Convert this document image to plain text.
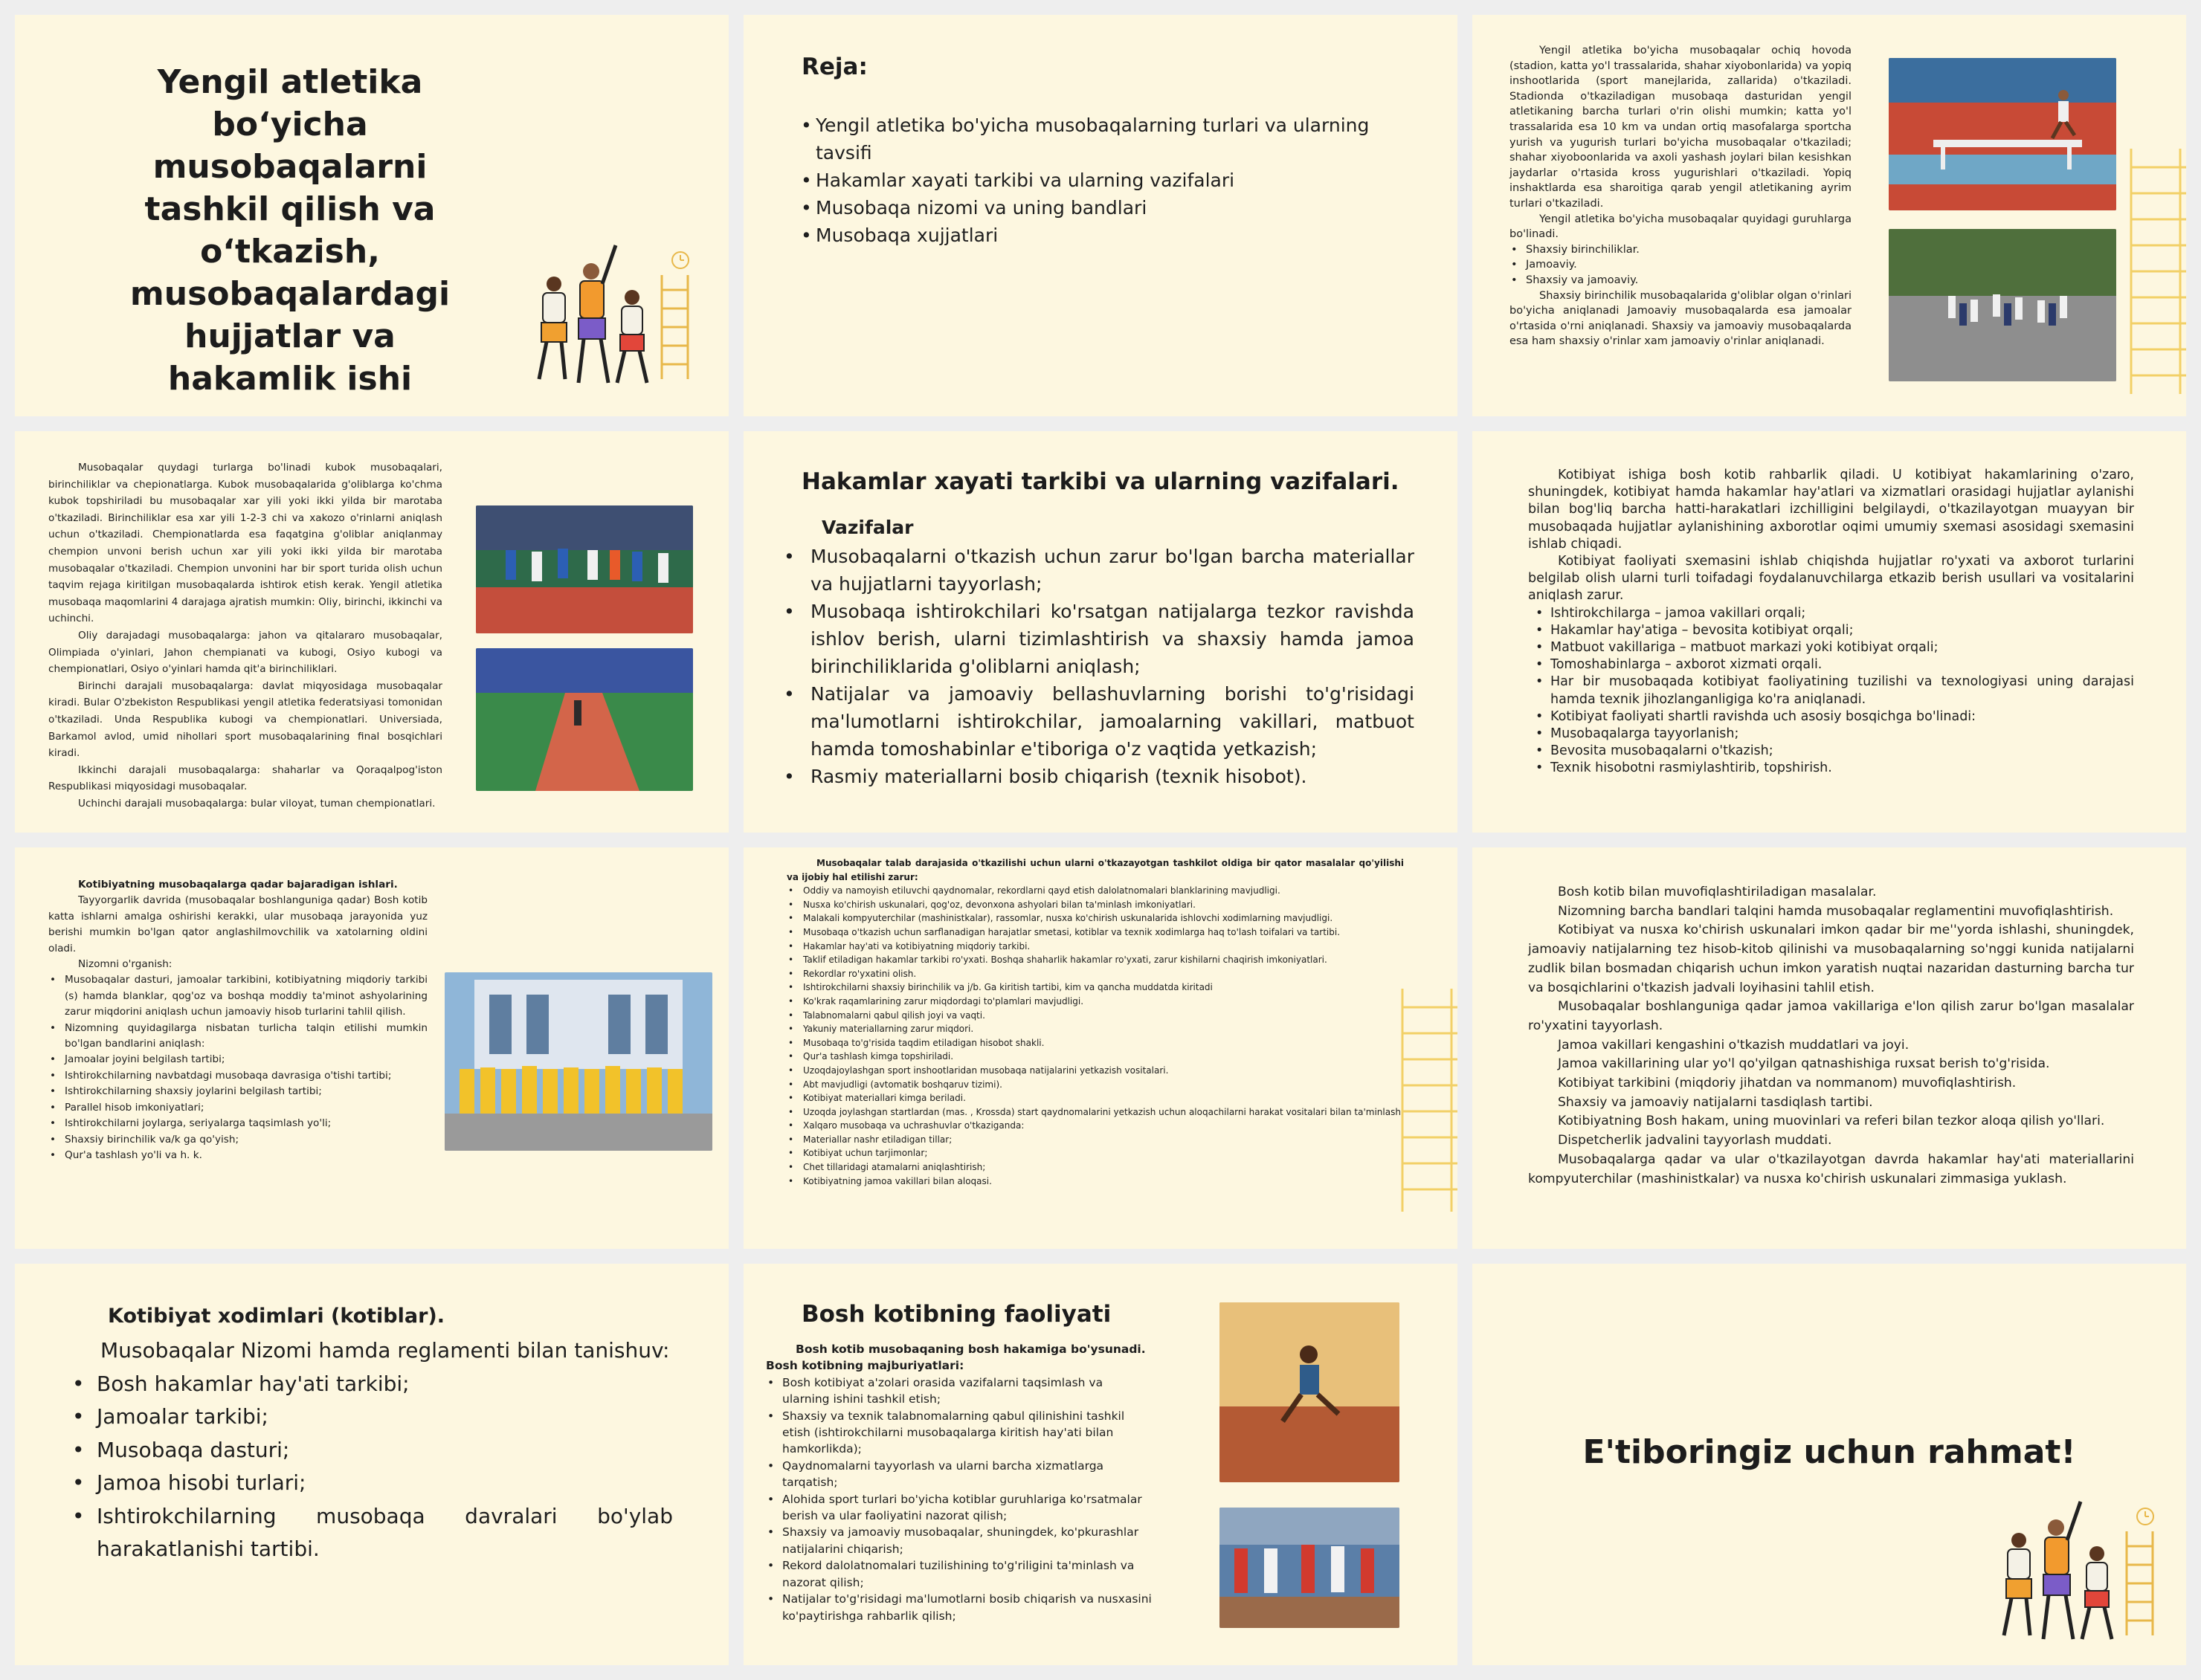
Yengil atletika bo‘yicha musobaqalarni tashkil qilish va o‘tkazish, musobaqalardagi hujjatlar va hakamlik ishi
Reja:
• Yengil atletika bo'yicha musobaqalarning turlari va ularning tavsifi
• Hakamlar xayati tarkibi va ularning vazifalari
• Musobaqa nizomi va uning bandlari
• Musobaqa xujjatlari

Yengil atletika bo'yicha musobaqalar ochiq hovoda (stadion, katta yo'l trassalarida, shahar xiyobonlarida) va yopiq inshootlarida (sport manejlarida, zallarida) o'tkaziladi. Stadionda o'tkaziladigan musobaqa dasturidan yengil atletikaning barcha turlari o'rin olishi mumkin; katta yo'l trassalarida esa 10 km va undan ortiq masofalarga sportcha yurish va yugurish turlari bo'yicha musobaqalar o'tkaziladi; shahar xiyoboonlarida va axoli yashash joylari bilan kesishkan jaydarlar o'rtasida kross yugurishlari o'tkaziladi. Yopiq inshaktlarda esa sharoitiga qarab yengil atletikaning ayrim turlari o'tkaziladi.

Yengil atletika bo'yicha musobaqalar quyidagi guruhlarga bo'linadi.

• Shaxsiy birinchiliklar.
• Jamoaviy.
• Shaxsiy va jamoaviy.

Shaxsiy birinchilik musobaqalarida g'oliblar olgan o'rinlari bo'yicha aniqlanadi Jamoaviy musobaqalarda esa jamoalar o'rtasida o'rni aniqlanadi. Shaxsiy va jamoaviy musobaqalarda esa ham shaxsiy o'rinlar xam jamoaviy o'rinlar aniqlanadi.

Musobaqalar quydagi turlarga bo'linadi kubok musobaqalari, birinchiliklar va chepionatlarga. Kubok musobaqalarida g'oliblarga ko'chma kubok topshiriladi bu musobaqalar xar yili yoki ikki yilda bir marotaba o'tkaziladi. Birinchiliklar esa xar yili 1-2-3 chi va xakozo o'rinlarni aniqlash uchun o'tkaziladi. Chempionatlarda esa faqatgina g'oliblar aniqlanmay chempion unvoni berish uchun xar yili yoki ikki yilda bir marotaba musobaqalar o'tkaziladi. Chempion unvonini har bir sport turida olish uchun taqvim rejaga kiritilgan musobaqalarda ishtirok etish kerak. Yengil atletika musobaqa maqomlarini 4 darajaga ajratish mumkin: Oliy, birinchi, ikkinchi va uchinchi.

Oliy darajadagi musobaqalarga: jahon va qitalararo musobaqalar, Olimpiada o'yinlari, Jahon chempianati va kubogi, Osiyo kubogi va chempionatlari, Osiyo o'yinlari hamda qit'a birinchiliklari.

Birinchi darajali musobaqalarga: davlat miqyosidaga musobaqalar kiradi. Bular O'zbekiston Respublikasi yengil atletika federatsiyasi tomonidan o'tkaziladi. Unda Respublika kubogi va chempionatlari. Universiada, Barkamol avlod, umid nihollari sport musobaqalarining final bosqichlari kiradi.

Ikkinchi darajali musobaqalarga: shaharlar va Qoraqalpog'iston Respublikasi miqyosidagi musobaqalar.

Uchinchi darajali musobaqalarga: bular viloyat, tuman chempionatlari.

Hakamlar xayati tarkibi va ularning vazifalari.
Vazifalar
• Musobaqalarni o'tkazish uchun zarur bo'lgan barcha materiallar va hujjatlarni tayyorlash;
• Musobaqa ishtirokchilari ko'rsatgan natijalarga tezkor ravishda ishlov berish, ularni tizimlashtirish va shaxsiy hamda jamoa birinchiliklarida g'oliblarni aniqlash;
• Natijalar va jamoaviy bellashuvlarning borishi to'g'risidagi ma'lumotlarni ishtirokchilar, jamoalarning vakillari, matbuot hamda tomoshabinlar e'tiboriga o'z vaqtida yetkazish;
• Rasmiy materiallarni bosib chiqarish (texnik hisobot).

Kotibiyat ishiga bosh kotib rahbarlik qiladi. U kotibiyat hakamlarining o'zaro, shuningdek, kotibiyat hamda hakamlar hay'atlari va xizmatlari orasidagi hujjatlar aylanishi bilan bog'liq barcha hatti-harakatlari izchilligini belgilaydi, o'tkazilayotgan muayyan bir musobaqada hujjatlar aylanishining axborotlar oqimi umumiy sxemasi asosidagi sxemasini ishlab chiqadi.

Kotibiyat faoliyati sxemasini ishlab chiqishda hujjatlar ro'yxati va axborot turlarini belgilab olish ularni turli toifadagi foydalanuvchilarga etkazib berish usullari va vositalarini aniqlash zarur.

• Ishtirokchilarga – jamoa vakillari orqali;
• Hakamlar hay'atiga – bevosita kotibiyat orqali;
• Matbuot vakillariga – matbuot markazi yoki kotibiyat orqali;
• Tomoshabinlarga – axborot xizmati orqali.
• Har bir musobaqada kotibiyat faoliyatining tuzilishi va texnologiyasi uning darajasi hamda texnik jihozlanganligiga ko'ra aniqlanadi.
• Kotibiyat faoliyati shartli ravishda uch asosiy bosqichga bo'linadi:
• Musobaqalarga tayyorlanish;
• Bevosita musobaqalarni o'tkazish;
• Texnik hisobotni rasmiylashtirib, topshirish.

Kotibiyatning musobaqalarga qadar bajaradigan ishlari.

Tayyorgarlik davrida (musobaqalar boshlanguniga qadar) Bosh kotib katta ishlarni amalga oshirishi kerakki, ular musobaqa jarayonida yuz berishi mumkin bo'lgan qator anglashilmovchilik va xatolarning oldini oladi.

Nizomni o'rganish:

• Musobaqalar dasturi, jamoalar tarkibini, kotibiyatning miqdoriy tarkibi (s) hamda blanklar, qog'oz va boshqa moddiy ta'minot ashyolarining zarur miqdorini aniqlash uchun jamoaviy hisob turlarini tahlil qilish.
• Nizomning quyidagilarga nisbatan turlicha talqin etilishi mumkin bo'lgan bandlarini aniqlash:
• Jamoalar joyini belgilash tartibi;
• Ishtirokchilarning navbatdagi musobaqa davrasiga o'tishi tartibi;
• Ishtirokchilarning shaxsiy joylarini belgilash tartibi;
• Parallel hisob imkoniyatlari;
• Ishtirokchilarni joylarga, seriyalarga taqsimlash yo'li;
• Shaxsiy birinchilik va/k ga qo'yish;
• Qur'a tashlash yo'li va h. k.

Musobaqalar talab darajasida o'tkazilishi uchun ularni o'tkazayotgan tashkilot oldiga bir qator masalalar qo'yilishi va ijobiy hal etilishi zarur:

• Oddiy va namoyish etiluvchi qaydnomalar, rekordlarni qayd etish dalolatnomalari blanklarining mavjudligi.
• Nusxa ko'chirish uskunalari, qog'oz, devonxona ashyolari bilan ta'minlash imkoniyatlari.
• Malakali kompyuterchilar (mashinistkalar), rassomlar, nusxa ko'chirish uskunalarida ishlovchi xodimlarning mavjudligi.
• Musobaqa o'tkazish uchun sarflanadigan harajatlar smetasi, kotiblar va texnik xodimlarga haq to'lash toifalari va tartibi.
• Hakamlar hay'ati va kotibiyatning miqdoriy tarkibi.
• Taklif etiladigan hakamlar tarkibi ro'yxati. Boshqa shaharlik hakamlar ro'yxati, zarur kishilarni chaqirish imkoniyatlari.
• Rekordlar ro'yxatini olish.
• Ishtirokchilarni shaxsiy birinchilik va j/b. Ga kiritish tartibi, kim va qancha muddatda kiritadi
• Ko'krak raqamlarining zarur miqdordagi to'plamlari mavjudligi.
• Talabnomalarni qabul qilish joyi va vaqti.
• Yakuniy materiallarning zarur miqdori.
• Musobaqa to'g'risida taqdim etiladigan hisobot shakli.
• Qur'a tashlash kimga topshiriladi.
• Uzoqdajoylashgan sport inshootlaridan musobaqa natijalarini yetkazish vositalari.
• Abt mavjudligi (avtomatik boshqaruv tizimi).
• Kotibiyat materiallari kimga beriladi.
• Uzoqda joylashgan startlardan (mas. , Krossda) start qaydnomalarini yetkazish uchun aloqachilarni harakat vositalari bilan ta'minlash
• Xalqaro musobaqa va uchrashuvlar o'tkaziganda:
• Materiallar nashr etiladigan tillar;
• Kotibiyat uchun tarjimonlar;
• Chet tillaridagi atamalarni aniqlashtirish;
• Kotibiyatning jamoa vakillari bilan aloqasi.

Bosh kotib bilan muvofiqlashtiriladigan masalalar.

Nizomning barcha bandlari talqini hamda musobaqalar reglamentini muvofiqlashtirish.

Kotibiyat va nusxa ko'chirish uskunalari imkon qadar bir me''yorda ishlashi, shuningdek, jamoaviy natijalarning tez hisob-kitob qilinishi va musobaqalarning so'nggi kunida natijalarni zudlik bilan bosmadan chiqarish uchun imkon yaratish nuqtai nazaridan dasturning barcha tur va bosqichlarini o'tkazish jadvali loyihasini tahlil etish.

Musobaqalar boshlanguniga qadar jamoa vakillariga e'lon qilish zarur bo'lgan masalalar ro'yxatini tayyorlash.

Jamoa vakillari kengashini o'tkazish muddatlari va joyi.

Jamoa vakillarining ular yo'l qo'yilgan qatnashishiga ruxsat berish to'g'risida.

Kotibiyat tarkibini (miqdoriy jihatdan va nommanom) muvofiqlashtirish.

Shaxsiy va jamoaviy natijalarni tasdiqlash tartibi.

Kotibiyatning Bosh hakam, uning muovinlari va referi bilan tezkor aloqa qilish yo'llari.

Dispetcherlik jadvalini tayyorlash muddati.

Musobaqalarga qadar va ular o'tkazilayotgan davrda hakamlar hay'ati materiallarini kompyuterchilar (mashinistkalar) va nusxa ko'chirish uskunalari zimmasiga yuklash.

Kotibiyat xodimlari (kotiblar).

Musobaqalar Nizomi hamda reglamenti bilan tanishuv:

• Bosh hakamlar hay'ati tarkibi;
• Jamoalar tarkibi;
• Musobaqa dasturi;
• Jamoa hisobi turlari;
• Ishtirokchilarning musobaqa davralari bo'ylab harakatlanishi tartibi.
Bosh kotibning faoliyati

Bosh kotib musobaqaning bosh hakamiga bo'ysunadi.

Bosh kotibning majburiyatlari:

• Bosh kotibiyat a'zolari orasida vazifalarni taqsimlash va ularning ishini tashkil etish;
• Shaxsiy va texnik talabnomalarning qabul qilinishini tashkil etish (ishtirokchilarni musobaqalarga kiritish hay'ati bilan hamkorlikda);
• Qaydnomalarni tayyorlash va ularni barcha xizmatlarga tarqatish;
• Alohida sport turlari bo'yicha kotiblar guruhlariga ko'rsatmalar berish va ular faoliyatini nazorat qilish;
• Shaxsiy va jamoaviy musobaqalar, shuningdek, ko'pkurashlar natijalarini chiqarish;
• Rekord dalolatnomalari tuzilishining to'g'riligini ta'minlash va nazorat qilish;
• Natijalar to'g'risidagi ma'lumotlarni bosib chiqarish va nusxasini ko'paytirishga rahbarlik qilish;
E'tiboringiz uchun rahmat!
